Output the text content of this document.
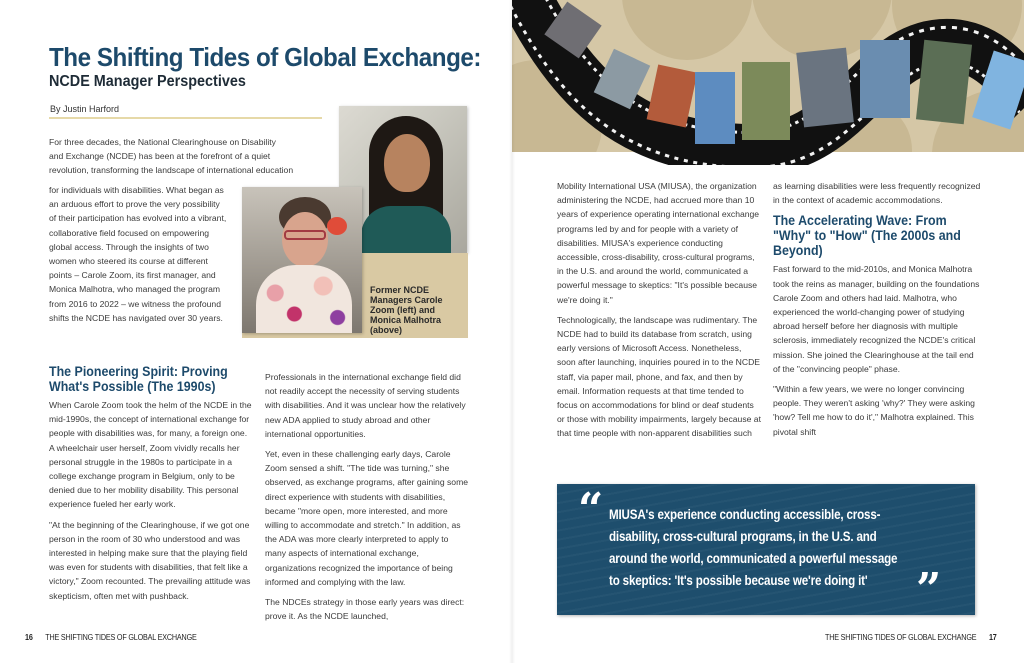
The Shifting Tides of Global Exchange:
NCDE Manager Perspectives
By Justin Harford
For three decades, the National Clearinghouse on Disability
and Exchange (NCDE) has been at the forefront of a quiet
revolution, transforming the landscape of international education
for individuals with disabilities. What began as an arduous effort to prove the very possibility of their participation has evolved into a vibrant, collaborative field focused on empowering global access. Through the insights of two women who steered its course at different points – Carole Zoom, its first manager, and Monica Malhotra, who managed the program from 2016 to 2022 – we witness the profound shifts the NCDE has navigated over 30 years.
Former NCDE Managers Carole Zoom (left) and Monica Malhotra (above)
The Pioneering Spirit: Proving What's Possible (The 1990s)

When Carole Zoom took the helm of the NCDE in the mid-1990s, the concept of international exchange for people with disabilities was, for many, a foreign one. A wheelchair user herself, Zoom vividly recalls her personal struggle in the 1980s to participate in a college exchange program in Belgium, only to be denied due to her mobility disability. This personal experience fueled her early work.

"At the beginning of the Clearinghouse, if we got one person in the room of 30 who understood and was interested in helping make sure that the playing field was even for students with disabilities, that felt like a victory," Zoom recounted. The prevailing attitude was skepticism, often met with pushback.

Professionals in the international exchange field did not readily accept the necessity of serving students with disabilities. And it was unclear how the relatively new ADA applied to study abroad and other international opportunities.

Yet, even in these challenging early days, Carole Zoom sensed a shift. "The tide was turning," she observed, as exchange programs, after gaining some direct experience with students with disabilities, became "more open, more interested, and more willing to accommodate and stretch." In addition, as the ADA was more clearly interpreted to apply to many aspects of international exchange, organizations recognized the importance of being informed and complying with the law.

The NDCEs strategy in those early years was direct: prove it. As the NCDE launched,

16 THE SHIFTING TIDES OF GLOBAL EXCHANGE

Mobility International USA (MIUSA), the organization administering the NCDE, had accrued more than 10 years of experience operating international exchange programs led by and for people with a variety of disabilities. MIUSA's experience conducting accessible, cross-disability, cross-cultural programs, in the U.S. and around the world, communicated a powerful message to skeptics: "It's possible because we're doing it."

Technologically, the landscape was rudimentary. The NCDE had to build its database from scratch, using early versions of Microsoft Access. Nonetheless, soon after launching, inquiries poured in to the NCDE staff, via paper mail, phone, and fax, and then by email. Information requests at that time tended to focus on accommodations for blind or deaf students or those with mobility impairments, largely because at that time people with non-apparent disabilities such

as learning disabilities were less frequently recognized in the context of academic accommodations.

The Accelerating Wave: From "Why" to "How" (The 2000s and Beyond)

Fast forward to the mid-2010s, and Monica Malhotra took the reins as manager, building on the foundations Carole Zoom and others had laid. Malhotra, who experienced the world-changing power of studying abroad herself before her diagnosis with multiple sclerosis, immediately recognized the NCDE's critical mission. She joined the Clearinghouse at the tail end of the "convincing people" phase.

"Within a few years, we were no longer convincing people. They weren't asking 'why?' They were asking 'how? Tell me how to do it'," Malhotra explained. This pivotal shift

“ MIUSA's experience conducting accessible, cross-disability, cross-cultural programs, in the U.S. and around the world, communicated a powerful message to skeptics: 'It's possible because we're doing it'	”
THE SHIFTING TIDES OF GLOBAL EXCHANGE 17
